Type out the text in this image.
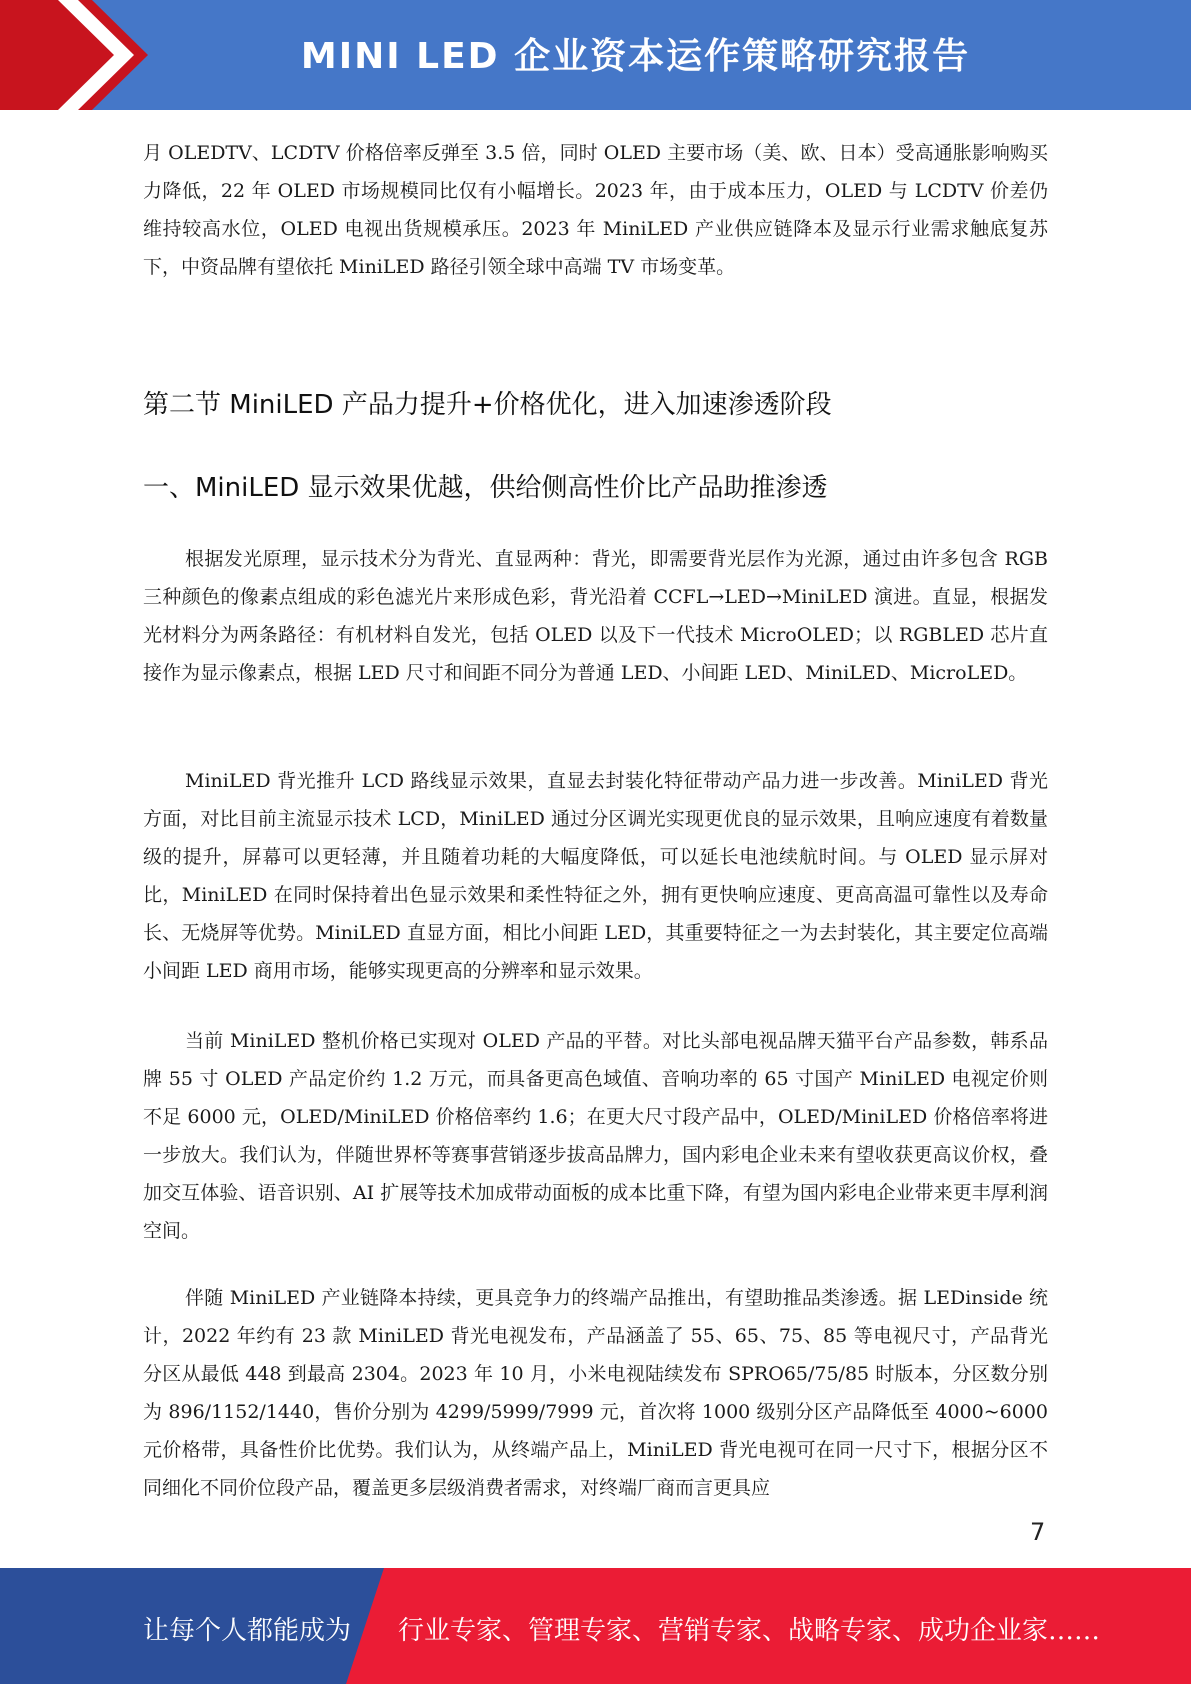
MINI LED 企业资本运作策略研究报告

月 OLEDTV、LCDTV 价格倍率反弹至 3.5 倍，同时 OLED 主要市场（美、欧、日本）受高通胀影响购买力降低，22 年 OLED 市场规模同比仅有小幅增长。2023 年，由于成本压力，OLED 与 LCDTV 价差仍维持较高水位，OLED 电视出货规模承压。2023 年 MiniLED 产业供应链降本及显示行业需求触底复苏下，中资品牌有望依托 MiniLED 路径引领全球中高端 TV 市场变革。

第二节 MiniLED 产品力提升+价格优化，进入加速渗透阶段
一、MiniLED 显示效果优越，供给侧高性价比产品助推渗透

根据发光原理，显示技术分为背光、直显两种：背光，即需要背光层作为光源，通过由许多包含 RGB 三种颜色的像素点组成的彩色滤光片来形成色彩，背光沿着 CCFL→LED→MiniLED 演进。直显，根据发光材料分为两条路径：有机材料自发光，包括 OLED 以及下一代技术 MicroOLED；以 RGBLED 芯片直接作为显示像素点，根据 LED 尺寸和间距不同分为普通 LED、小间距 LED、MiniLED、MicroLED。

MiniLED 背光推升 LCD 路线显示效果，直显去封装化特征带动产品力进一步改善。MiniLED 背光方面，对比目前主流显示技术 LCD，MiniLED 通过分区调光实现更优良的显示效果，且响应速度有着数量级的提升，屏幕可以更轻薄，并且随着功耗的大幅度降低，可以延长电池续航时间。与 OLED 显示屏对比，MiniLED 在同时保持着出色显示效果和柔性特征之外，拥有更快响应速度、更高高温可靠性以及寿命长、无烧屏等优势。MiniLED 直显方面，相比小间距 LED，其重要特征之一为去封装化，其主要定位高端小间距 LED 商用市场，能够实现更高的分辨率和显示效果。

当前 MiniLED 整机价格已实现对 OLED 产品的平替。对比头部电视品牌天猫平台产品参数，韩系品牌 55 寸 OLED 产品定价约 1.2 万元，而具备更高色域值、音响功率的 65 寸国产 MiniLED 电视定价则不足 6000 元，OLED/MiniLED 价格倍率约 1.6；在更大尺寸段产品中，OLED/MiniLED 价格倍率将进一步放大。我们认为，伴随世界杯等赛事营销逐步拔高品牌力，国内彩电企业未来有望收获更高议价权，叠加交互体验、语音识别、AI 扩展等技术加成带动面板的成本比重下降，有望为国内彩电企业带来更丰厚利润空间。

伴随 MiniLED 产业链降本持续，更具竞争力的终端产品推出，有望助推品类渗透。据 LEDinside 统计，2022 年约有 23 款 MiniLED 背光电视发布，产品涵盖了 55、65、75、85 等电视尺寸，产品背光分区从最低 448 到最高 2304。2023 年 10 月，小米电视陆续发布 SPRO65/75/85 时版本，分区数分别为 896/1152/1440，售价分别为 4299/5999/7999 元，首次将 1000 级别分区产品降低至 4000~6000 元价格带，具备性价比优势。我们认为，从终端产品上，MiniLED 背光电视可在同一尺寸下，根据分区不同细化不同价位段产品，覆盖更多层级消费者需求，对终端厂商而言更具应

7
让每个人都能成为 行业专家、管理专家、营销专家、战略专家、成功企业家……
